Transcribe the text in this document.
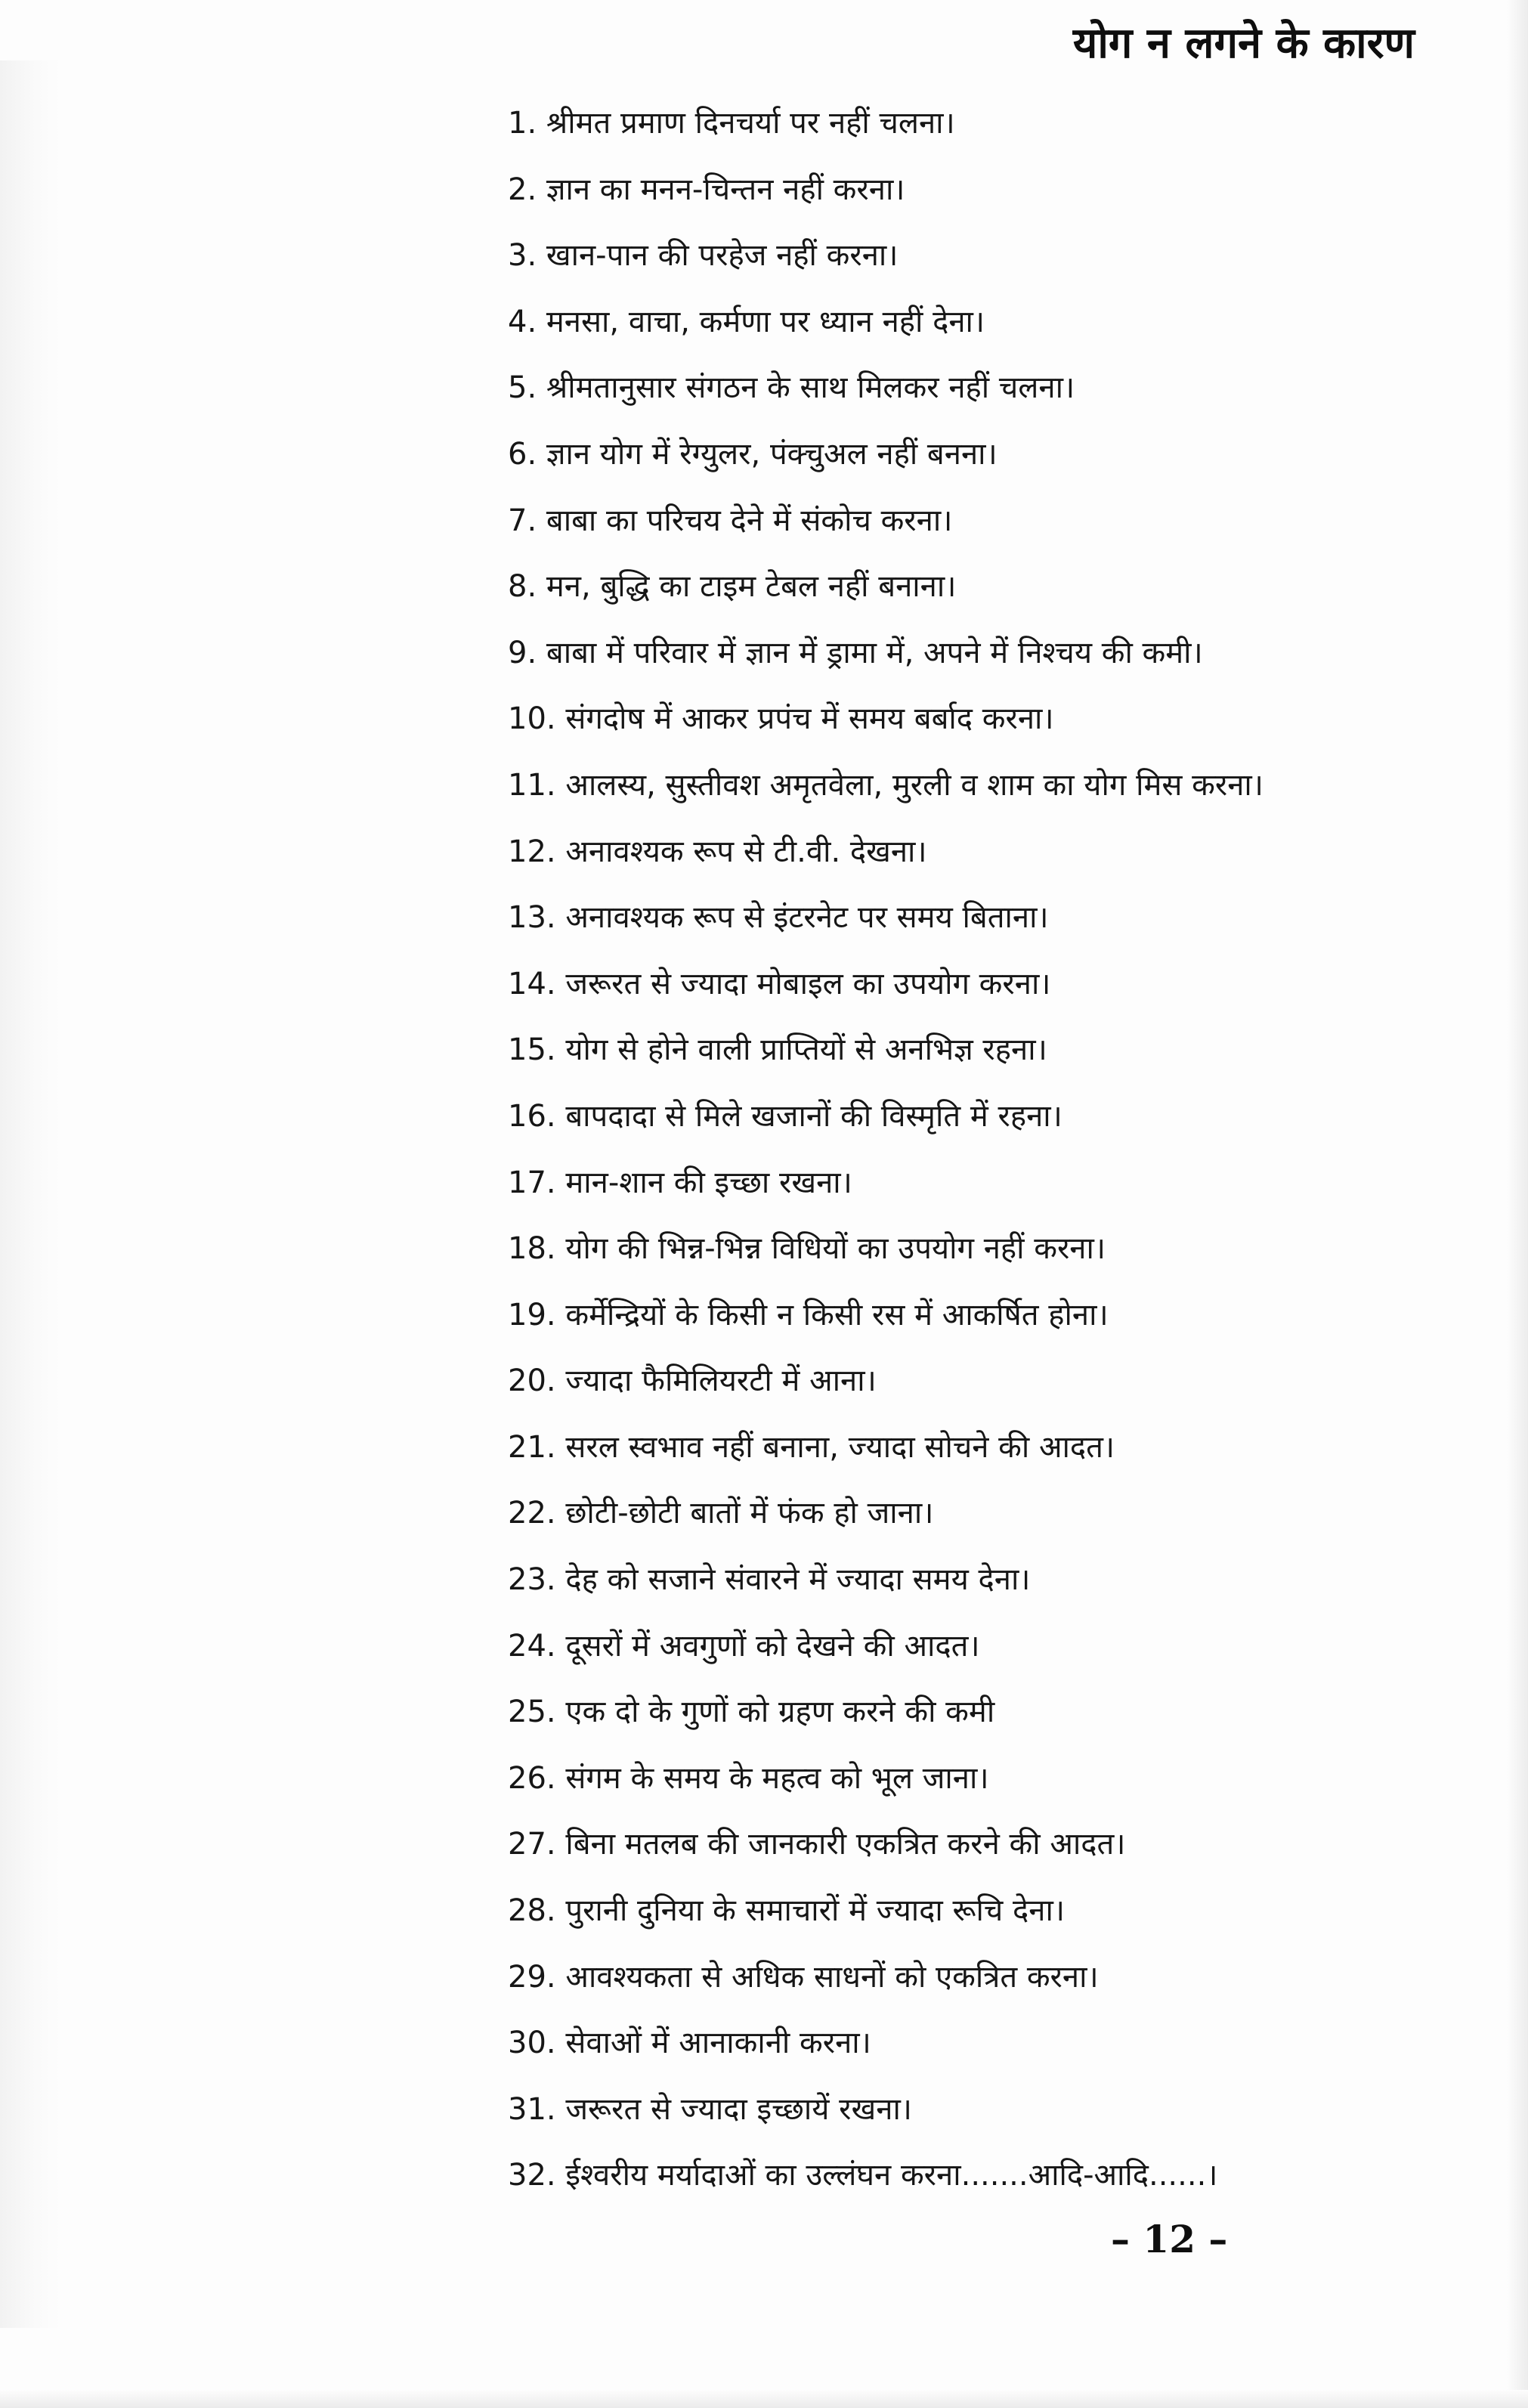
योग न लगने के कारण
1. श्रीमत प्रमाण दिनचर्या पर नहीं चलना।
2. ज्ञान का मनन-चिन्तन नहीं करना।
3. खान-पान की परहेज नहीं करना।
4. मनसा, वाचा, कर्मणा पर ध्यान नहीं देना।
5. श्रीमतानुसार संगठन के साथ मिलकर नहीं चलना।
6. ज्ञान योग में रेग्युलर, पंक्चुअल नहीं बनना।
7. बाबा का परिचय देने में संकोच करना।
8. मन, बुद्धि का टाइम टेबल नहीं बनाना।
9. बाबा में परिवार में ज्ञान में ड्रामा में, अपने में निश्चय की कमी।
10. संगदोष में आकर प्रपंच में समय बर्बाद करना।
11. आलस्य, सुस्तीवश अमृतवेला, मुरली व शाम का योग मिस करना।
12. अनावश्यक रूप से टी.वी. देखना।
13. अनावश्यक रूप से इंटरनेट पर समय बिताना।
14. जरूरत से ज्यादा मोबाइल का उपयोग करना।
15. योग से होने वाली प्राप्तियों से अनभिज्ञ रहना।
16. बापदादा से मिले खजानों की विस्मृति में रहना।
17. मान-शान की इच्छा रखना।
18. योग की भिन्न-भिन्न विधियों का उपयोग नहीं करना।
19. कर्मेन्द्रियों के किसी न किसी रस में आकर्षित होना।
20. ज्यादा फैमिलियरटी में आना।
21. सरल स्वभाव नहीं बनाना, ज्यादा सोचने की आदत।
22. छोटी-छोटी बातों में फंक हो जाना।
23. देह को सजाने संवारने में ज्यादा समय देना।
24. दूसरों में अवगुणों को देखने की आदत।
25. एक दो के गुणों को ग्रहण करने की कमी
26. संगम के समय के महत्व को भूल जाना।
27. बिना मतलब की जानकारी एकत्रित करने की आदत।
28. पुरानी दुनिया के समाचारों में ज्यादा रूचि देना।
29. आवश्यकता से अधिक साधनों को एकत्रित करना।
30. सेवाओं में आनाकानी करना।
31. जरूरत से ज्यादा इच्छायें रखना।
32. ईश्वरीय मर्यादाओं का उल्लंघन करना.......आदि-आदि......।
– 12 –
